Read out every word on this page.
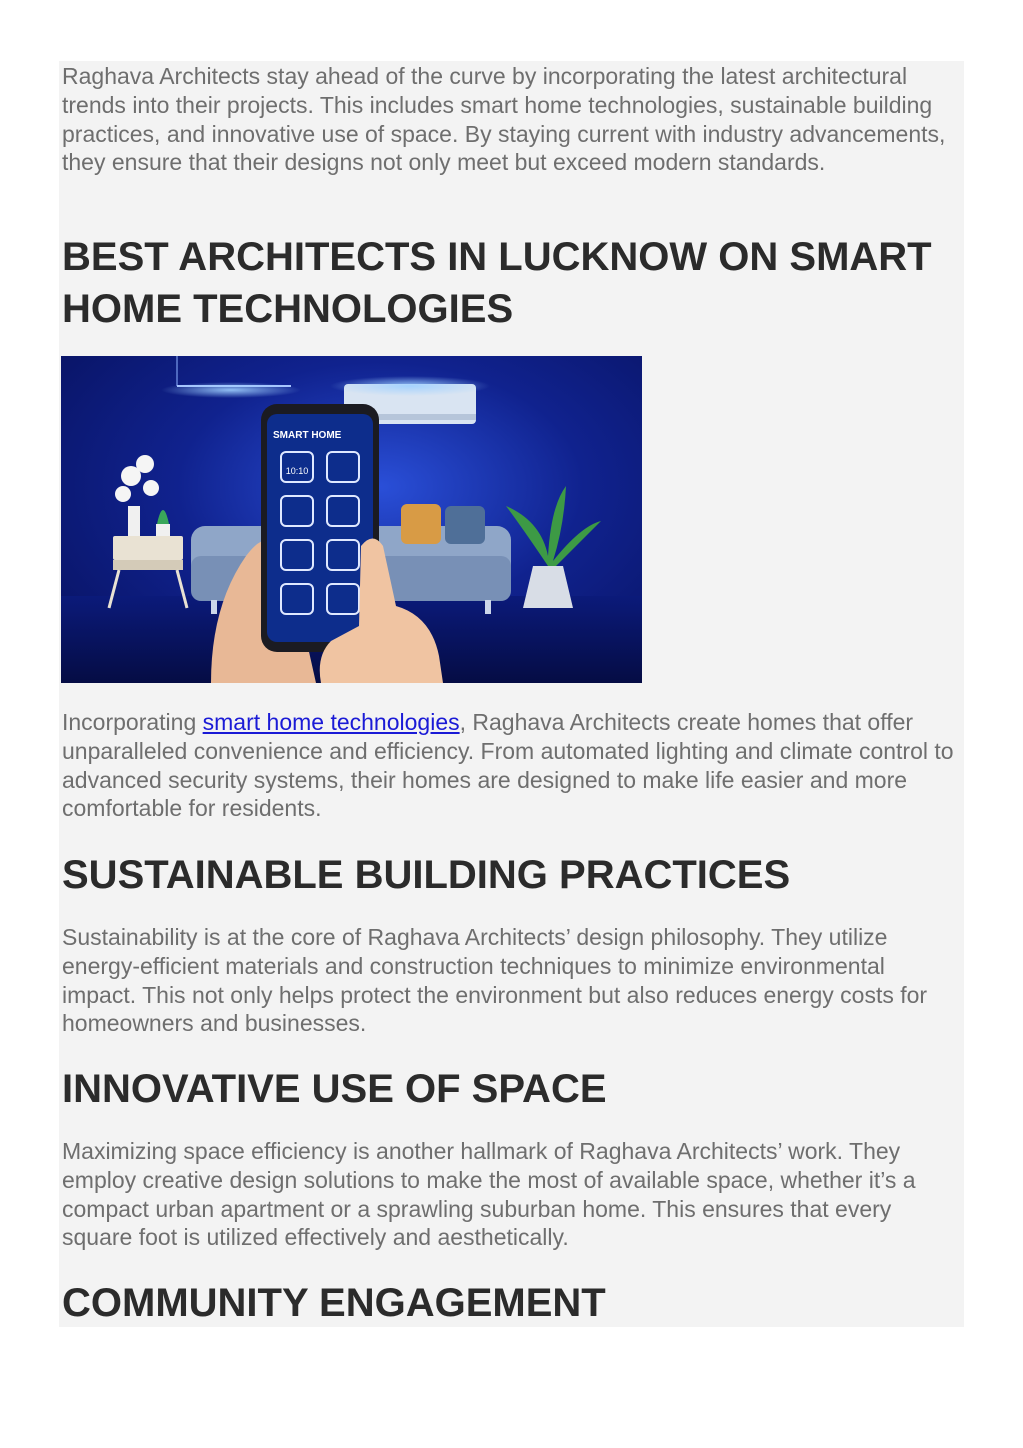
Raghava Architects stay ahead of the curve by incorporating the latest architectural trends into their projects. This includes smart home technologies, sustainable building practices, and innovative use of space. By staying current with industry advancements, they ensure that their designs not only meet but exceed modern standards.

BEST ARCHITECTS IN LUCKNOW ON SMART HOME TECHNOLOGIES
SMART HOME
10:10

Incorporating smart home technologies, Raghava Architects create homes that offer unparalleled convenience and efficiency. From automated lighting and climate control to advanced security systems, their homes are designed to make life easier and more comfortable for residents.

SUSTAINABLE BUILDING PRACTICES

Sustainability is at the core of Raghava Architects’ design philosophy. They utilize energy-efficient materials and construction techniques to minimize environmental impact. This not only helps protect the environment but also reduces energy costs for homeowners and businesses.

INNOVATIVE USE OF SPACE

Maximizing space efficiency is another hallmark of Raghava Architects’ work. They employ creative design solutions to make the most of available space, whether it’s a compact urban apartment or a sprawling suburban home. This ensures that every square foot is utilized effectively and aesthetically.

COMMUNITY ENGAGEMENT
